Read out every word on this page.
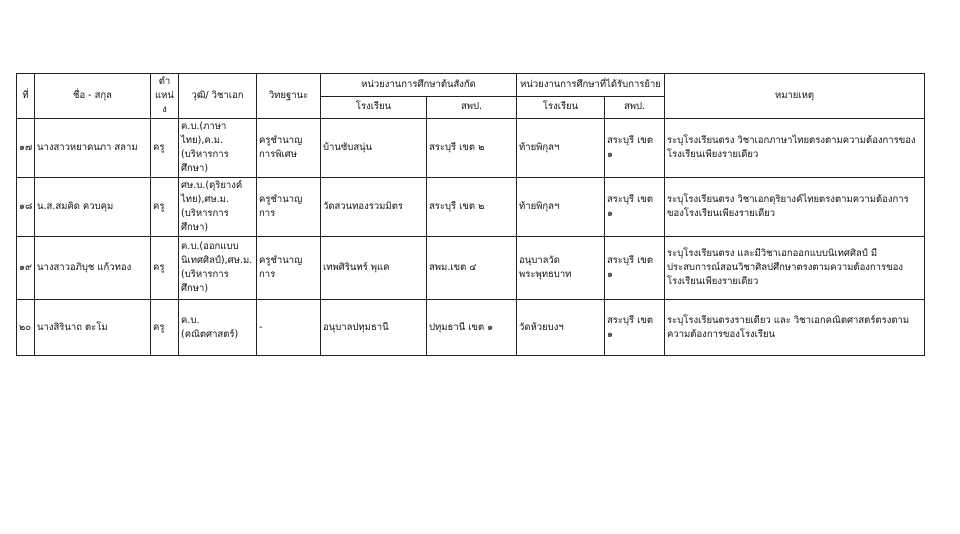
ที่	ชื่อ - สกุล	ตำ แหน่ง	วุฒิ/ วิชาเอก	วิทยฐานะ	หน่วยงานการศึกษาต้นสังกัด		หน่วยงานการศึกษาที่ได้รับการย้าย		หมายเหตุ
					โรงเรียน	สพป.	โรงเรียน	สพป.	
๑๗	นางสาวหยาดนภา สลาม	ครู	ค.บ.(ภาษาไทย),ค.ม.(บริหารการศึกษา)	ครูชำนาญการพิเศษ	บ้านซับสนุ่น	สระบุรี เขต ๒	ท้ายพิกุลฯ	สระบุรี เขต ๑	ระบุโรงเรียนตรง วิชาเอกภาษาไทยตรงตามความต้องการของโรงเรียนเพียงรายเดียว
๑๘	น.ส.สมคิด ควบคุม	ครู	ศษ.บ.(ดุริยางค์ไทย),ศษ.ม.(บริหารการศึกษา)	ครูชำนาญการ	วัดสวนทองรวมมิตร	สระบุรี เขต ๒	ท้ายพิกุลฯ	สระบุรี เขต ๑	ระบุโรงเรียนตรง วิชาเอกดุริยางค์ไทยตรงตามความต้องการของโรงเรียนเพียงรายเดียว
๑๙	นางสาวอภิบุช แก้วทอง	ครู	ค.บ.(ออกแบบนิเทศศิลป์),ศษ.ม.(บริหารการศึกษา)	ครูชำนาญการ	เทพศิรินทร์ พุแค	สพม.เขต ๔	อนุบาลวัดพระพุทธบาท	สระบุรี เขต ๑	ระบุโรงเรียนตรง และมีวิชาเอกออกแบบนิเทศศิลป์ มีประสบการณ์สอนวิชาศิลปศึกษาตรงตามความต้องการของโรงเรียนเพียงรายเดียว
๒๐	นางสิรินาถ ตะโม	ครู	ค.บ.(คณิตศาสตร์)	-	อนุบาลปทุมธานี	ปทุมธานี เขต ๑	วัดห้วยบงฯ	สระบุรี เขต ๑	ระบุโรงเรียนตรงรายเดียว และ วิชาเอกคณิตศาสตร์ตรงตามความต้องการของโรงเรียน
